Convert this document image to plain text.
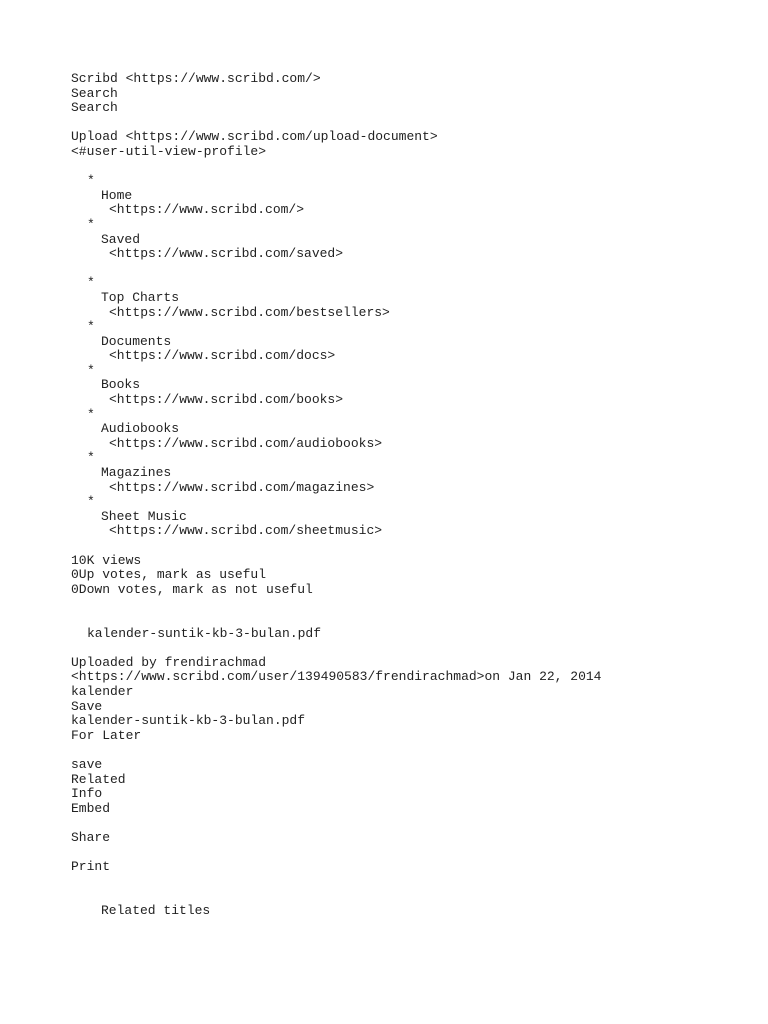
Scribd <https://www.scribd.com/>
Search
Search
Upload <https://www.scribd.com/upload-document>
<#user-util-view-profile>
*
Home
<https://www.scribd.com/>
*
Saved
<https://www.scribd.com/saved>
*
Top Charts
<https://www.scribd.com/bestsellers>
*
Documents
<https://www.scribd.com/docs>
*
Books
<https://www.scribd.com/books>
*
Audiobooks
<https://www.scribd.com/audiobooks>
*
Magazines
<https://www.scribd.com/magazines>
*
Sheet Music
<https://www.scribd.com/sheetmusic>
10K views
0Up votes, mark as useful
0Down votes, mark as not useful
kalender-suntik-kb-3-bulan.pdf
Uploaded by frendirachmad
<https://www.scribd.com/user/139490583/frendirachmad>on Jan 22, 2014
kalender
Save
kalender-suntik-kb-3-bulan.pdf
For Later
save
Related
Info
Embed
Share
Print
Related titles
